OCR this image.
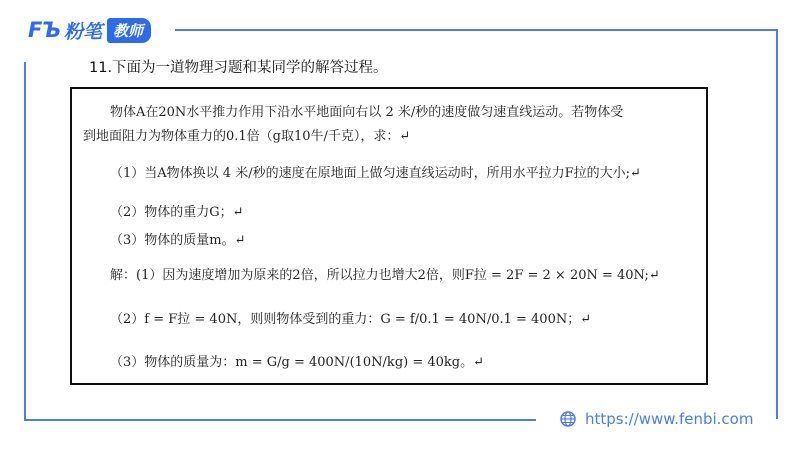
FЪ 粉笔 教师
11.下面为一道物理习题和某同学的解答过程。
物体A在20N水平推力作用下沿水平地面向右以 2 米/秒的速度做匀速直线运动。若物体受
到地面阻力为物体重力的0.1倍（g取10牛/千克），求：↵
（1）当A物体换以 4 米/秒的速度在原地面上做匀速直线运动时，所用水平拉力F拉的大小;↵
（2）物体的重力G；↵
（3）物体的质量m。↵
解：(1）因为速度增加为原来的2倍，所以拉力也增大2倍，则F拉 = 2F = 2 × 20N = 40N;↵
（2）f = F拉 = 40N，则则物体受到的重力：G = f/0.1 = 40N/0.1 = 400N；↵
（3）物体的质量为：m = G/g = 400N/(10N/kg) = 40kg。↵
https://www.fenbi.com
